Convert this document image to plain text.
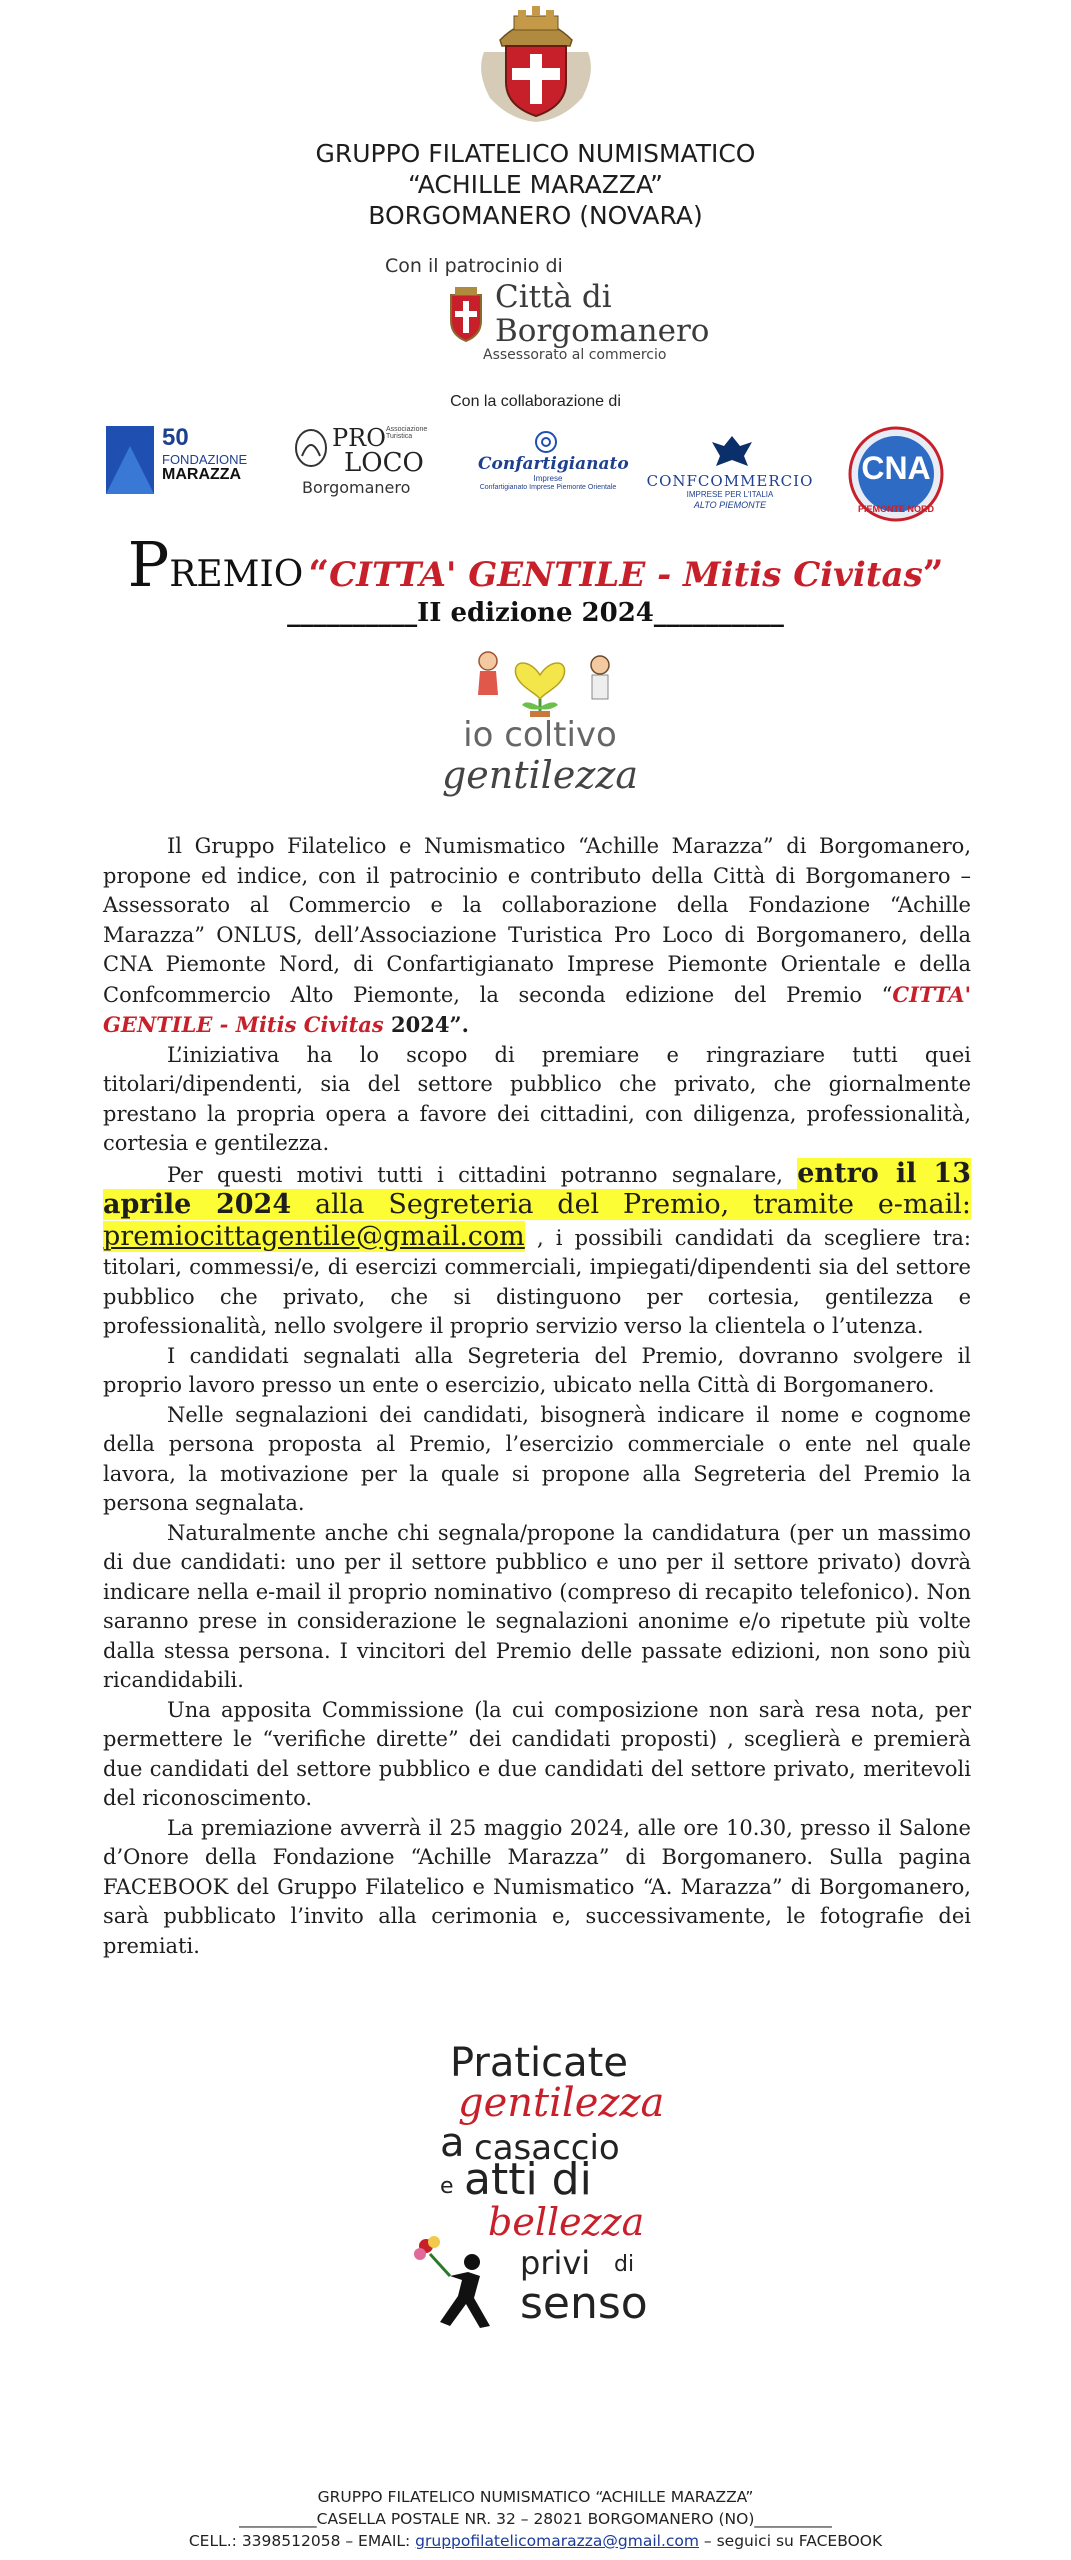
GRUPPO FILATELICO NUMISMATICO
“ACHILLE MARAZZA”
BORGOMANERO (NOVARA)
Con il patrocinio di
Città di
Borgomanero
Assessorato al commercio
Con la collaborazione di
50
FONDAZIONE
MARAZZA
PRO Associazione Turistica
LOCO
Borgomanero
Confartigianato
Imprese
Confartigianato Imprese Piemonte Orientale	CONFCOMMERCIO
IMPRESE PER L'ITALIA
ALTO PIEMONTE
CNA
PIEMONTE NORD
PREMIO “CITTA' GENTILE - Mitis Civitas”
__________II edizione 2024__________
io coltivo
gentilezza

Il Gruppo Filatelico e Numismatico “Achille Marazza” di Borgomanero, propone ed indice, con il patrocinio e contributo della Città di Borgomanero – Assessorato al Commercio e la collaborazione della Fondazione “Achille Marazza” ONLUS, dell’Associazione Turistica Pro Loco di Borgomanero, della CNA Piemonte Nord, di Confartigianato Imprese Piemonte Orientale e della Confcommercio Alto Piemonte, la seconda edizione del Premio “CITTA' GENTILE - Mitis Civitas 2024”.

L’iniziativa ha lo scopo di premiare e ringraziare tutti quei titolari/dipendenti, sia del settore pubblico che privato, che giornalmente prestano la propria opera a favore dei cittadini, con diligenza, professionalità, cortesia e gentilezza.

Per questi motivi tutti i cittadini potranno segnalare, entro il 13 aprile 2024 alla Segreteria del Premio, tramite e-mail: premiocittagentile@gmail.com , i possibili candidati da scegliere tra: titolari, commessi/e, di esercizi commerciali, impiegati/dipendenti sia del settore pubblico che privato, che si distinguono per cortesia, gentilezza e professionalità, nello svolgere il proprio servizio verso la clientela o l’utenza.

I candidati segnalati alla Segreteria del Premio, dovranno svolgere il proprio lavoro presso un ente o esercizio, ubicato nella Città di Borgomanero.

Nelle segnalazioni dei candidati, bisognerà indicare il nome e cognome della persona proposta al Premio, l’esercizio commerciale o ente nel quale lavora, la motivazione per la quale si propone alla Segreteria del Premio la persona segnalata.

Naturalmente anche chi segnala/propone la candidatura (per un massimo di due candidati: uno per il settore pubblico e uno per il settore privato) dovrà indicare nella e-mail il proprio nominativo (compreso di recapito telefonico). Non saranno prese in considerazione le segnalazioni anonime e/o ripetute più volte dalla stessa persona. I vincitori del Premio delle passate edizioni, non sono più ricandidabili.

Una apposita Commissione (la cui composizione non sarà resa nota, per permettere le “verifiche dirette” dei candidati proposti) , sceglierà e premierà due candidati del settore pubblico e due candidati del settore privato, meritevoli del riconoscimento.

La premiazione avverrà il 25 maggio 2024, alle ore 10.30, presso il Salone d’Onore della Fondazione “Achille Marazza” di Borgomanero. Sulla pagina FACEBOOK del Gruppo Filatelico e Numismatico “A. Marazza” di Borgomanero, sarà pubblicato l’invito alla cerimonia e, successivamente, le fotografie dei premiati.

Praticate
gentilezza
a casaccio
e atti di
bellezza
privi di
senso
GRUPPO FILATELICO NUMISMATICO “ACHILLE MARAZZA”
__________CASELLA POSTALE NR. 32 – 28021 BORGOMANERO (NO)__________
CELL.: 3398512058 – EMAIL: gruppofilatelicomarazza@gmail.com – seguici su FACEBOOK
